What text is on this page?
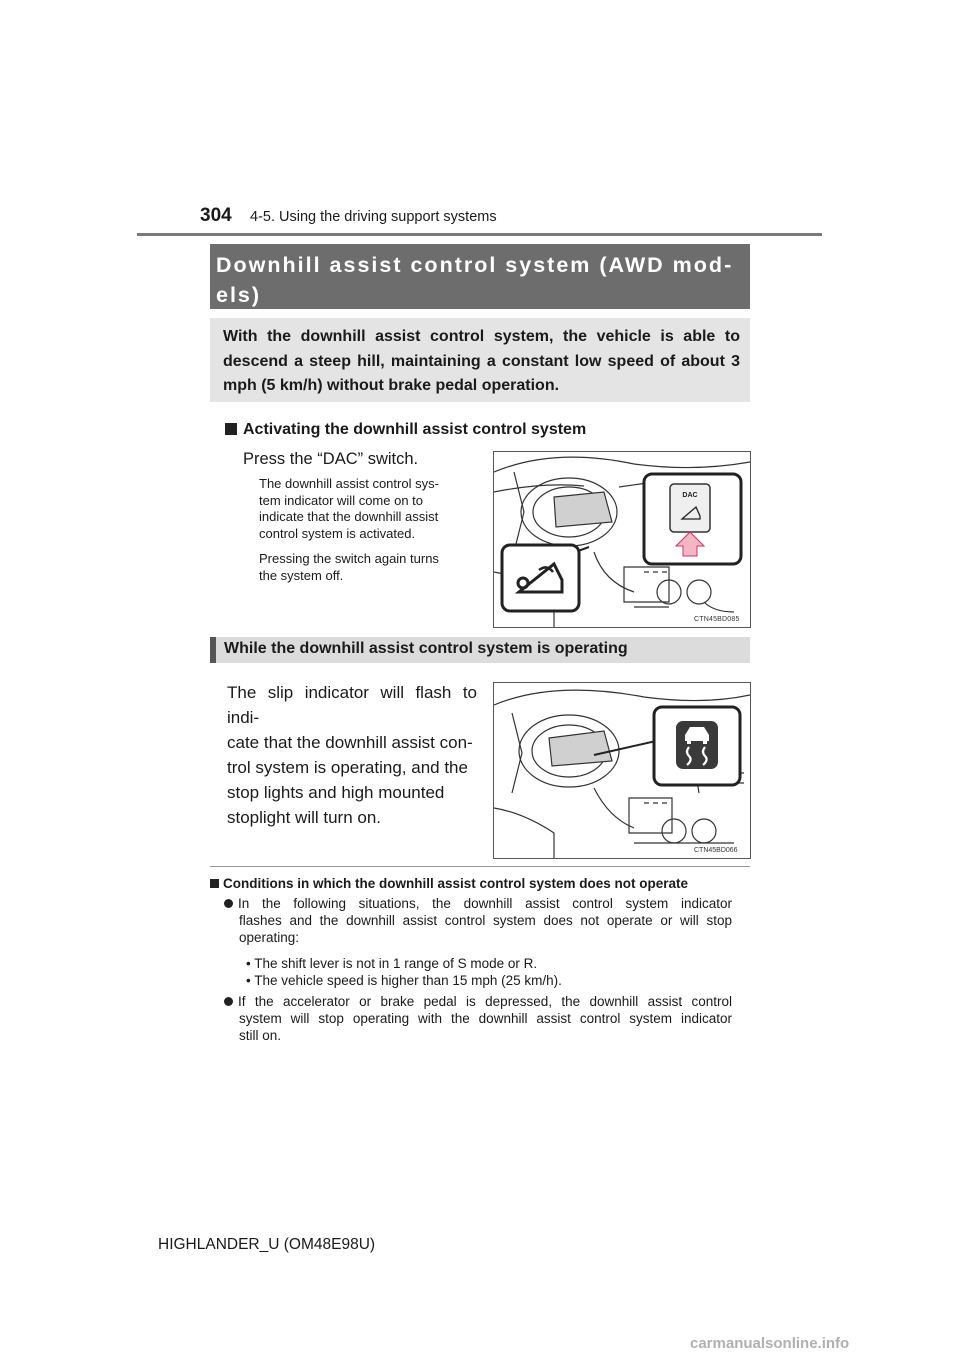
304 4-5. Using the driving support systems
Downhill assist control system (AWD mod-
els)
With the downhill assist control system, the vehicle is able to descend a steep hill, maintaining a constant low speed of about 3 mph (5 km/h) without brake pedal operation.
Activating the downhill assist control system
Press the “DAC” switch.

The downhill assist control sys-

tem indicator will come on to

indicate that the downhill assist

control system is activated.

Pressing the switch again turns

the system off.

DAC
CTN45BD085
While the downhill assist control system is operating
The slip indicator will flash to indi-
cate that the downhill assist con-
trol system is operating, and the
stop lights and high mounted
stoplight will turn on.
CTN45BD066
Conditions in which the downhill assist control system does not operate
In the following situations, the downhill assist control system indicator
flashes and the downhill assist control system does not operate or will stop
operating:
• The shift lever is not in 1 range of S mode or R.
• The vehicle speed is higher than 15 mph (25 km/h).
If the accelerator or brake pedal is depressed, the downhill assist control
system will stop operating with the downhill assist control system indicator
still on.
HIGHLANDER_U (OM48E98U)
carmanualsonline.info
